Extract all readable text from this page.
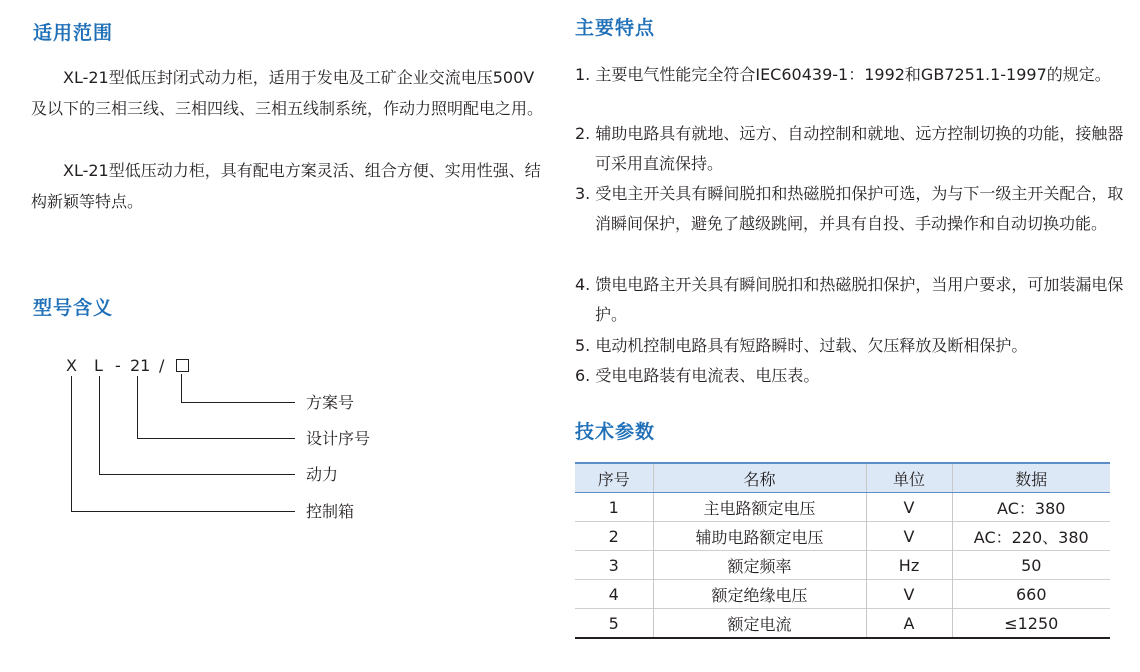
适用范围

XL-21型低压封闭式动力柜，适用于发电及工矿企业交流电压500V及以下的三相三线、三相四线、三相五线制系统，作动力照明配电之用。

XL-21型低压动力柜，具有配电方案灵活、组合方便、实用性强、结构新颖等特点。

型号含义
X L - 21 /
方案号
设计序号
动力
控制箱
主要特点

1. 主要电气性能完全符合IEC60439-1：1992和GB7251.1-1997的规定。

2. 辅助电路具有就地、远方、自动控制和就地、远方控制切换的功能，接触器可采用直流保持。

3. 受电主开关具有瞬间脱扣和热磁脱扣保护可选，为与下一级主开关配合，取消瞬间保护，避免了越级跳闸，并具有自投、手动操作和自动切换功能。

4. 馈电电路主开关具有瞬间脱扣和热磁脱扣保护，当用户要求，可加装漏电保护。

5. 电动机控制电路具有短路瞬时、过载、欠压释放及断相保护。

6. 受电电路装有电流表、电压表。

技术参数
序号	名称	单位	数据
1	主电路额定电压	V	AC：380
2	辅助电路额定电压	V	AC：220、380
3	额定频率	Hz	50
4	额定绝缘电压	V	660
5	额定电流	A	≤1250
